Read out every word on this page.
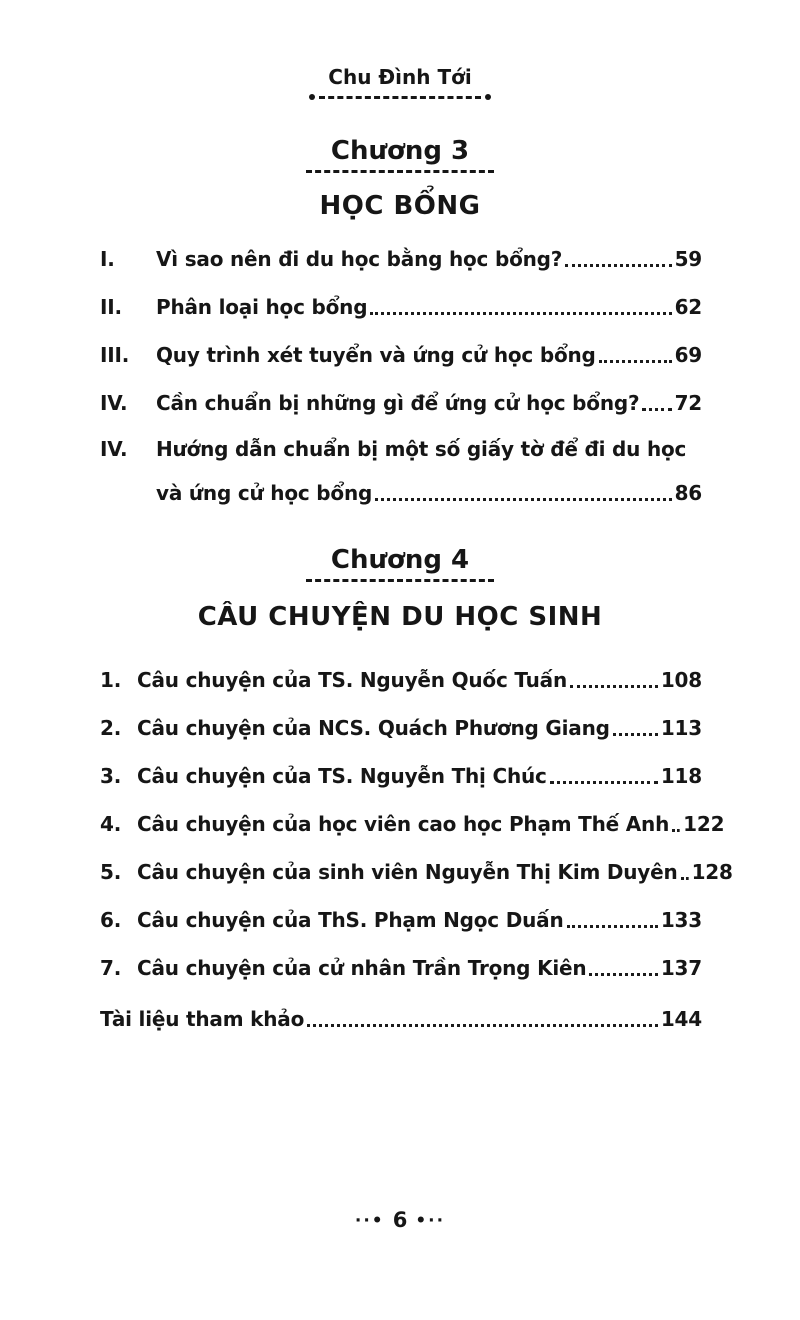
Chu Đình Tới
Chương 3
HỌC BỔNG
I.	Vì sao nên đi du học bằng học bổng?	59
II.	Phân loại học bổng	62
III.	Quy trình xét tuyển và ứng cử học bổng	69
IV.	Cần chuẩn bị những gì để ứng cử học bổng? 72
IV.	Hướng dẫn chuẩn bị một số giấy tờ để đi du học
và ứng cử học bổng	86
Chương 4
CÂU CHUYỆN DU HỌC SINH
1. Câu chuyện của TS. Nguyễn Quốc Tuấn	108
2. Câu chuyện của NCS. Quách Phương Giang	113
3. Câu chuyện của TS. Nguyễn Thị Chúc	118
4. Câu chuyện của học viên cao học Phạm Thế Anh 122
5. Câu chuyện của sinh viên Nguyễn Thị Kim Duyên 128
6. Câu chuyện của ThS. Phạm Ngọc Duấn	133
7. Câu chuyện của cử nhân Trần Trọng Kiên	137
Tài liệu tham khảo	144
··• 6 •··
